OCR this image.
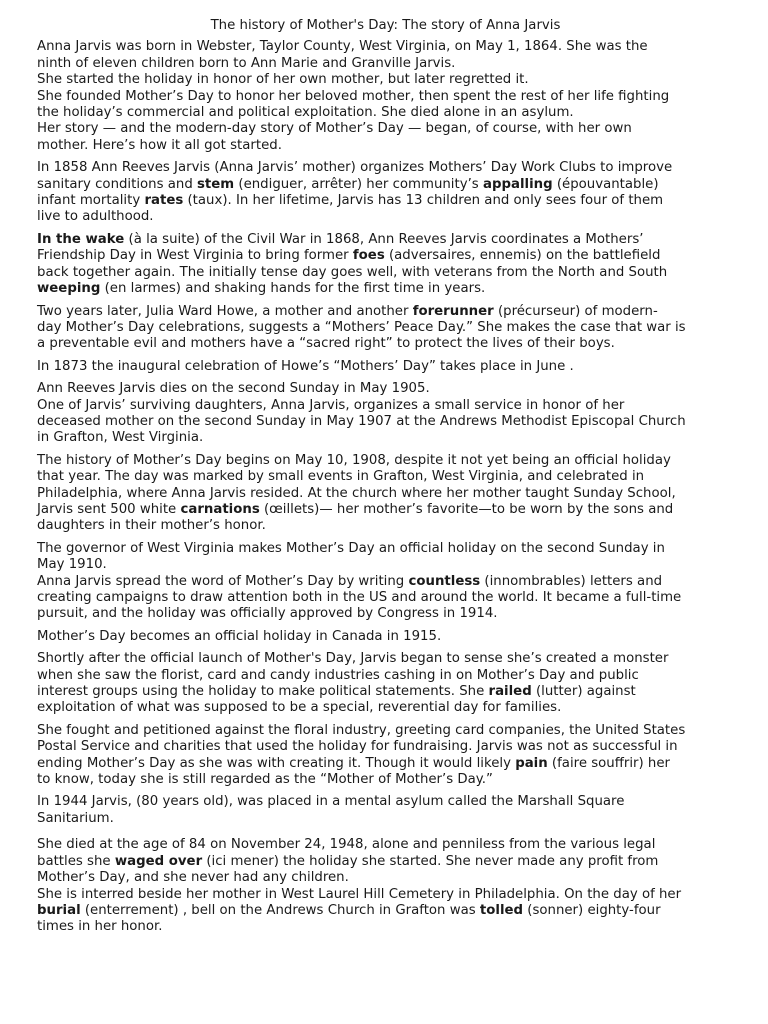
The history of Mother's Day: The story of Anna Jarvis
Anna Jarvis was born in Webster, Taylor County, West Virginia, on May 1, 1864. She was the
ninth of eleven children born to Ann Marie and Granville Jarvis.
She started the holiday in honor of her own mother, but later regretted it.
She founded Mother’s Day to honor her beloved mother, then spent the rest of her life fighting
the holiday’s commercial and political exploitation. She died alone in an asylum.
Her story — and the modern-day story of Mother’s Day — began, of course, with her own
mother. Here’s how it all got started.
In 1858 Ann Reeves Jarvis (Anna Jarvis’ mother) organizes Mothers’ Day Work Clubs to improve
sanitary conditions and stem (endiguer, arrêter) her community’s appalling (épouvantable)
infant mortality rates (taux). In her lifetime, Jarvis has 13 children and only sees four of them
live to adulthood.
In the wake (à la suite) of the Civil War in 1868, Ann Reeves Jarvis coordinates a Mothers’
Friendship Day in West Virginia to bring former foes (adversaires, ennemis) on the battlefield
back together again. The initially tense day goes well, with veterans from the North and South
weeping (en larmes) and shaking hands for the first time in years.
Two years later, Julia Ward Howe, a mother and another forerunner (précurseur) of modern-
day Mother’s Day celebrations, suggests a “Mothers’ Peace Day.” She makes the case that war is
a preventable evil and mothers have a “sacred right” to protect the lives of their boys.
In 1873 the inaugural celebration of Howe’s “Mothers’ Day” takes place in June .
Ann Reeves Jarvis dies on the second Sunday in May 1905.
One of Jarvis’ surviving daughters, Anna Jarvis, organizes a small service in honor of her
deceased mother on the second Sunday in May 1907 at the Andrews Methodist Episcopal Church
in Grafton, West Virginia.
The history of Mother’s Day begins on May 10, 1908, despite it not yet being an official holiday
that year. The day was marked by small events in Grafton, West Virginia, and celebrated in
Philadelphia, where Anna Jarvis resided. At the church where her mother taught Sunday School,
Jarvis sent 500 white carnations (œillets)— her mother’s favorite—to be worn by the sons and
daughters in their mother’s honor.
The governor of West Virginia makes Mother’s Day an official holiday on the second Sunday in
May 1910.
Anna Jarvis spread the word of Mother’s Day by writing countless (innombrables) letters and
creating campaigns to draw attention both in the US and around the world. It became a full-time
pursuit, and the holiday was officially approved by Congress in 1914.
Mother’s Day becomes an official holiday in Canada in 1915.
Shortly after the official launch of Mother's Day, Jarvis began to sense she’s created a monster
when she saw the florist, card and candy industries cashing in on Mother’s Day and public
interest groups using the holiday to make political statements. She railed (lutter) against
exploitation of what was supposed to be a special, reverential day for families.
She fought and petitioned against the floral industry, greeting card companies, the United States
Postal Service and charities that used the holiday for fundraising. Jarvis was not as successful in
ending Mother’s Day as she was with creating it. Though it would likely pain (faire souffrir) her
to know, today she is still regarded as the “Mother of Mother’s Day.”
In 1944 Jarvis, (80 years old), was placed in a mental asylum called the Marshall Square
Sanitarium.
She died at the age of 84 on November 24, 1948, alone and penniless from the various legal
battles she waged over (ici mener) the holiday she started. She never made any profit from
Mother’s Day, and she never had any children.
She is interred beside her mother in West Laurel Hill Cemetery in Philadelphia. On the day of her
burial (enterrement) , bell on the Andrews Church in Grafton was tolled (sonner) eighty-four
times in her honor.
